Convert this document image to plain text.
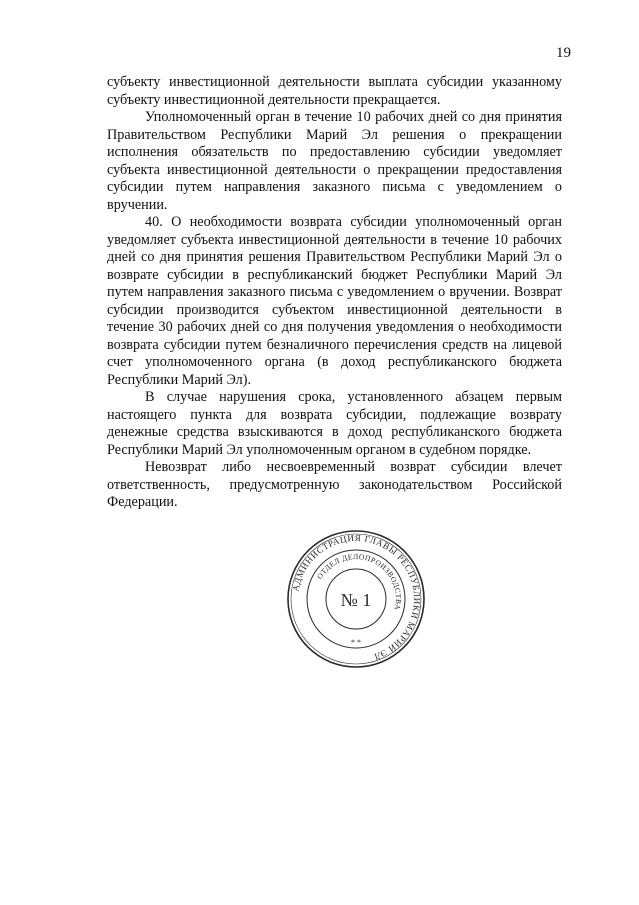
19

субъекту инвестиционной деятельности выплата субсидии указанному субъекту инвестиционной деятельности прекращается.

Уполномоченный орган в течение 10 рабочих дней со дня принятия Правительством Республики Марий Эл решения о прекращении исполнения обязательств по предоставлению субсидии уведомляет субъекта инвестиционной деятельности о прекращении предоставления субсидии путем направления заказного письма с уведомлением о вручении.

40. О необходимости возврата субсидии уполномоченный орган уведомляет субъекта инвестиционной деятельности в течение 10 рабочих дней со дня принятия решения Правительством Республики Марий Эл о возврате субсидии в республиканский бюджет Республики Марий Эл путем направления заказного письма с уведомлением о вручении. Возврат субсидии производится субъектом инвестиционной деятельности в течение 30 рабочих дней со дня получения уведомления о необходимости возврата субсидии путем безналичного перечисления средств на лицевой счет уполномоченного органа (в доход республиканского бюджета Республики Марий Эл).

В случае нарушения срока, установленного абзацем первым настоящего пункта для возврата субсидии, подлежащие возврату денежные средства взыскиваются в доход республиканского бюджета Республики Марий Эл уполномоченным органом в судебном порядке.

Невозврат либо несвоевременный возврат субсидии влечет ответственность, предусмотренную законодательством Российской Федерации.

АДМИНИСТРАЦИЯ ГЛАВЫ РЕСПУБЛИКИ МАРИЙ ЭЛ
ОТДЕЛ ДЕЛОПРОИЗВОДСТВА
№ 1
* *
